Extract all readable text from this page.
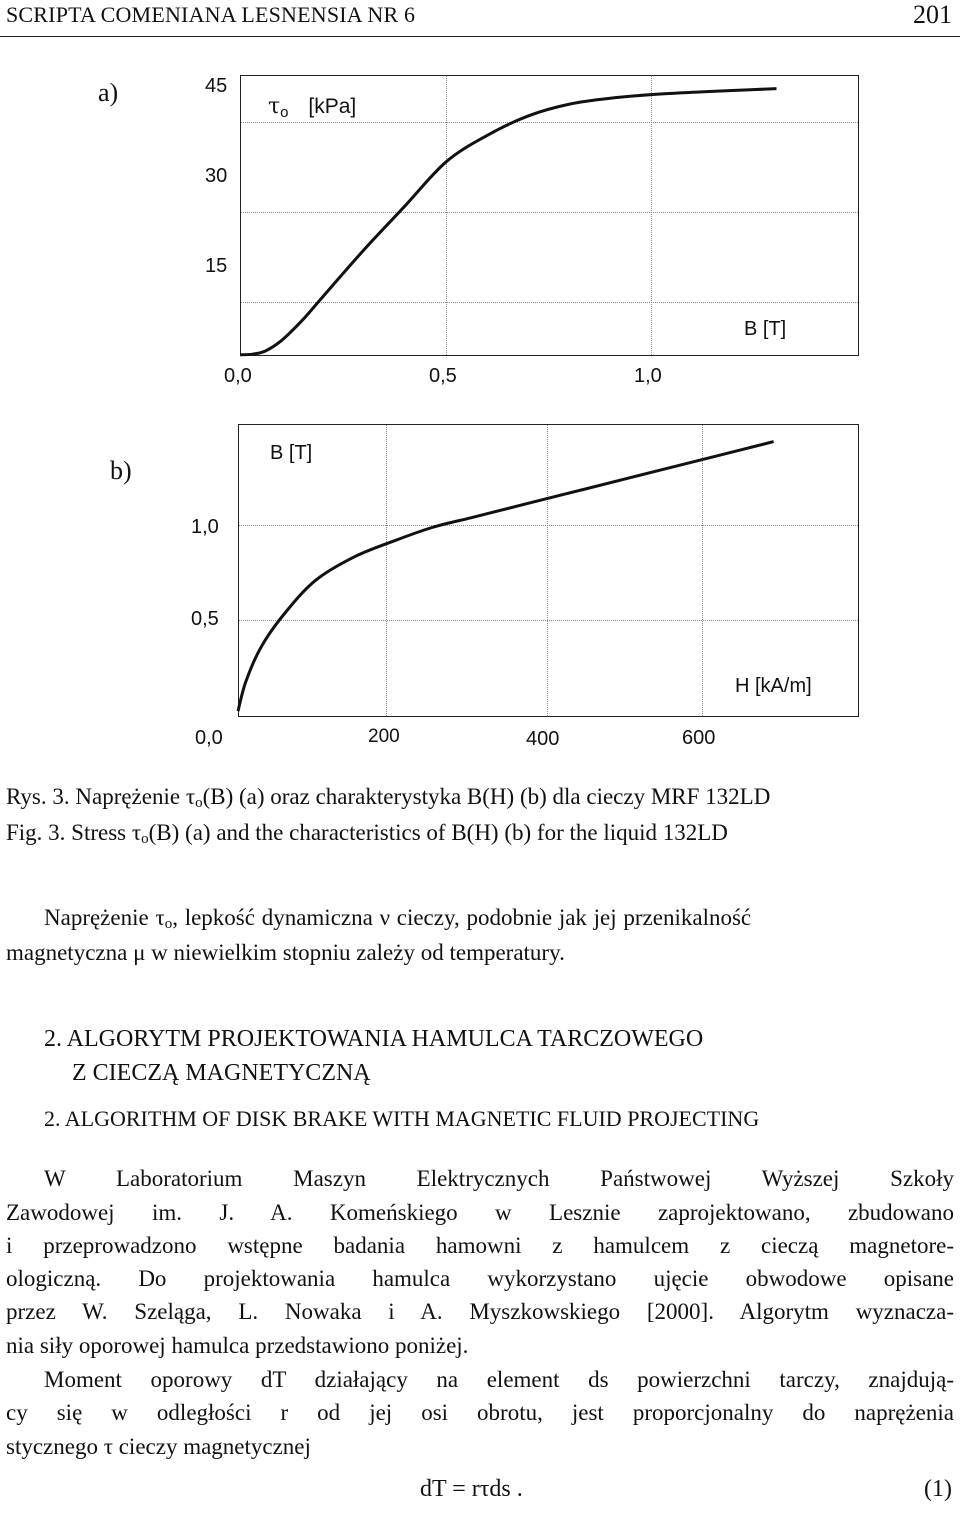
SCRIPTA COMENIANA LESNENSIA NR 6	201
a)	45
30
15
τo [kPa]
B [T]
0,0	0,5	1,0
b)
B [T]
H [kA/m]
1,0
0,5
0,0	200	400	600
Rys. 3. Naprężenie τo(B) (a) oraz charakterystyka B(H) (b) dla cieczy MRF 132LD
Fig. 3. Stress τo(B) (a) and the characteristics of B(H) (b) for the liquid 132LD
Naprężenie τo, lepkość dynamiczna ν cieczy, podobnie jak jej przenikalność
magnetyczna μ w niewielkim stopniu zależy od temperatury.
2. ALGORYTM PROJEKTOWANIA HAMULCA TARCZOWEGO
Z CIECZĄ MAGNETYCZNĄ
2. ALGORITHM OF DISK BRAKE WITH MAGNETIC FLUID PROJECTING
W Laboratorium Maszyn Elektrycznych Państwowej Wyższej Szkoły
Zawodowej im. J. A. Komeńskiego w Lesznie zaprojektowano, zbudowano
i przeprowadzono wstępne badania hamowni z hamulcem z cieczą magnetore-
ologiczną. Do projektowania hamulca wykorzystano ujęcie obwodowe opisane
przez W. Szeląga, L. Nowaka i A. Myszkowskiego [2000]. Algorytm wyznacza-
nia siły oporowej hamulca przedstawiono poniżej.
Moment oporowy dT działający na element ds powierzchni tarczy, znajdują-
cy się w odległości r od jej osi obrotu, jest proporcjonalny do naprężenia
stycznego τ cieczy magnetycznej
dT = rτds .	(1)
